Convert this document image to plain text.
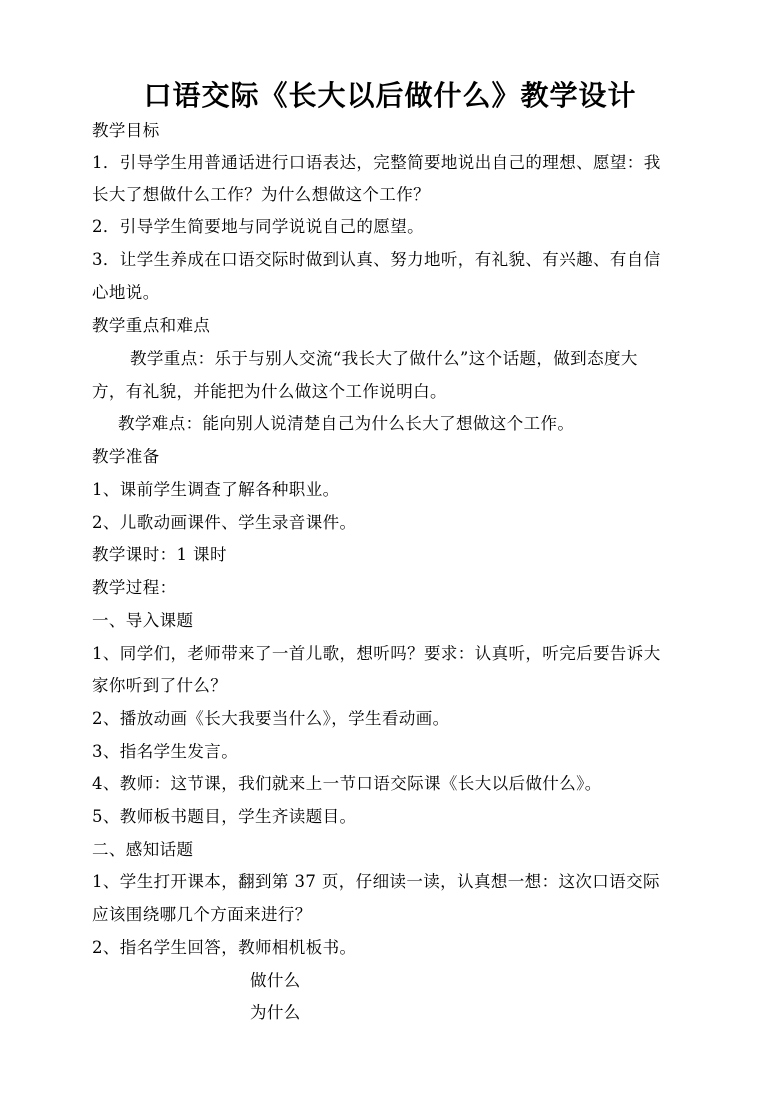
口语交际《长大以后做什么》教学设计
教学目标
1．引导学生用普通话进行口语表达，完整简要地说出自己的理想、愿望：我
长大了想做什么工作？为什么想做这个工作？
2．引导学生简要地与同学说说自己的愿望。
3．让学生养成在口语交际时做到认真、努力地听，有礼貌、有兴趣、有自信
心地说。
教学重点和难点
教学重点：乐于与别人交流“我长大了做什么”这个话题，做到态度大
方，有礼貌，并能把为什么做这个工作说明白。
教学难点：能向别人说清楚自己为什么长大了想做这个工作。
教学准备
1、课前学生调查了解各种职业。
2、儿歌动画课件、学生录音课件。
教学课时：1 课时
教学过程：
一、导入课题
1、同学们，老师带来了一首儿歌，想听吗？要求：认真听，听完后要告诉大
家你听到了什么？
2、播放动画《长大我要当什么》，学生看动画。
3、指名学生发言。
4、教师：这节课，我们就来上一节口语交际课《长大以后做什么》。
5、教师板书题目，学生齐读题目。
二、感知话题
1、学生打开课本，翻到第 37 页，仔细读一读，认真想一想：这次口语交际
应该围绕哪几个方面来进行？
2、指名学生回答，教师相机板书。
做什么
为什么
